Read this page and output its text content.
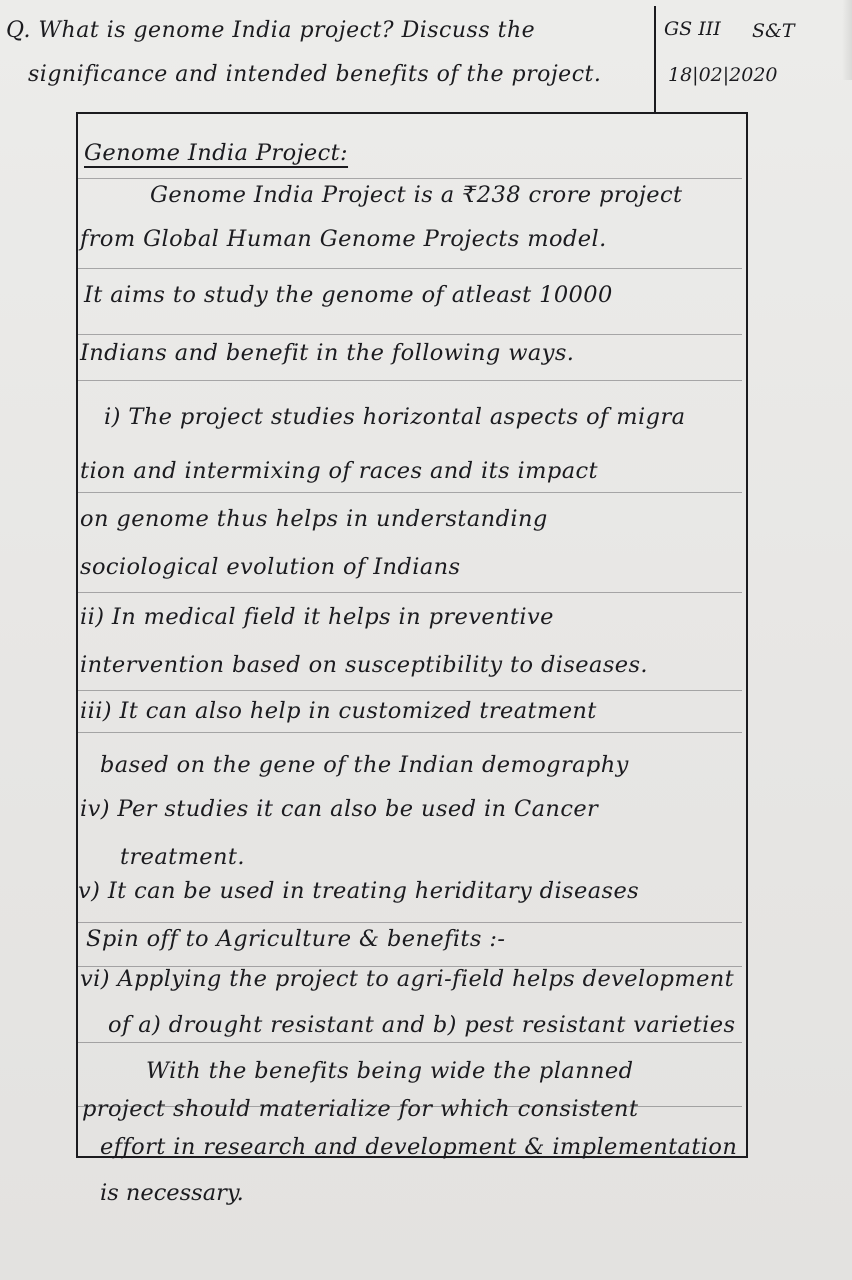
Q. What is genome India project? Discuss the
significance and intended benefits of the project.
GS III S&T
18|02|2020
Genome India Project:
Genome India Project is a ₹238 crore project
from Global Human Genome Projects model.
It aims to study the genome of atleast 10000
Indians and benefit in the following ways.
i) The project studies horizontal aspects of migra
tion and intermixing of races and its impact
on genome thus helps in understanding
sociological evolution of Indians
ii) In medical field it helps in preventive
intervention based on susceptibility to diseases.
iii) It can also help in customized treatment
based on the gene of the Indian demography
iv) Per studies it can also be used in Cancer
treatment.
v) It can be used in treating heriditary diseases
Spin off to Agriculture & benefits :-
vi) Applying the project to agri-field helps development
of a) drought resistant and b) pest resistant varieties
With the benefits being wide the planned
project should materialize for which consistent
effort in research and development & implementation
is necessary.
